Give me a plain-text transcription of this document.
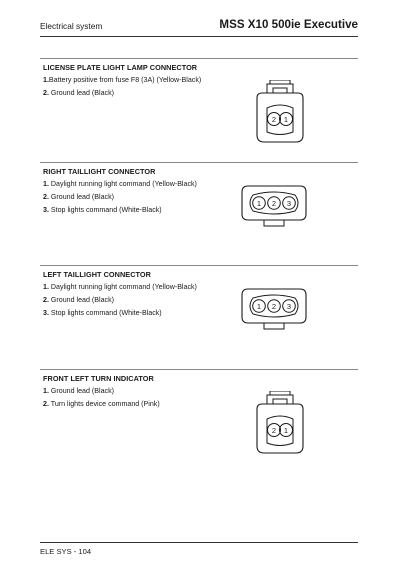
Electrical system	MSS X10 500ie Executive
LICENSE PLATE LIGHT LAMP CONNECTOR
1.Battery positive from fuse F8 (3A) (Yellow-Black)
2. Ground lead (Black)
2 1
RIGHT TAILLIGHT CONNECTOR
1. Daylight running light command (Yellow-Black)
2. Ground lead (Black)
3. Stop lights command (White-Black)
1 2 3
LEFT TAILLIGHT CONNECTOR
1. Daylight running light command (Yellow-Black)
2. Ground lead (Black)
3. Stop lights command (White-Black)
1 2 3
FRONT LEFT TURN INDICATOR
1. Ground lead (Black)
2. Turn lights device command (Pink)
2 1
ELE SYS - 104
